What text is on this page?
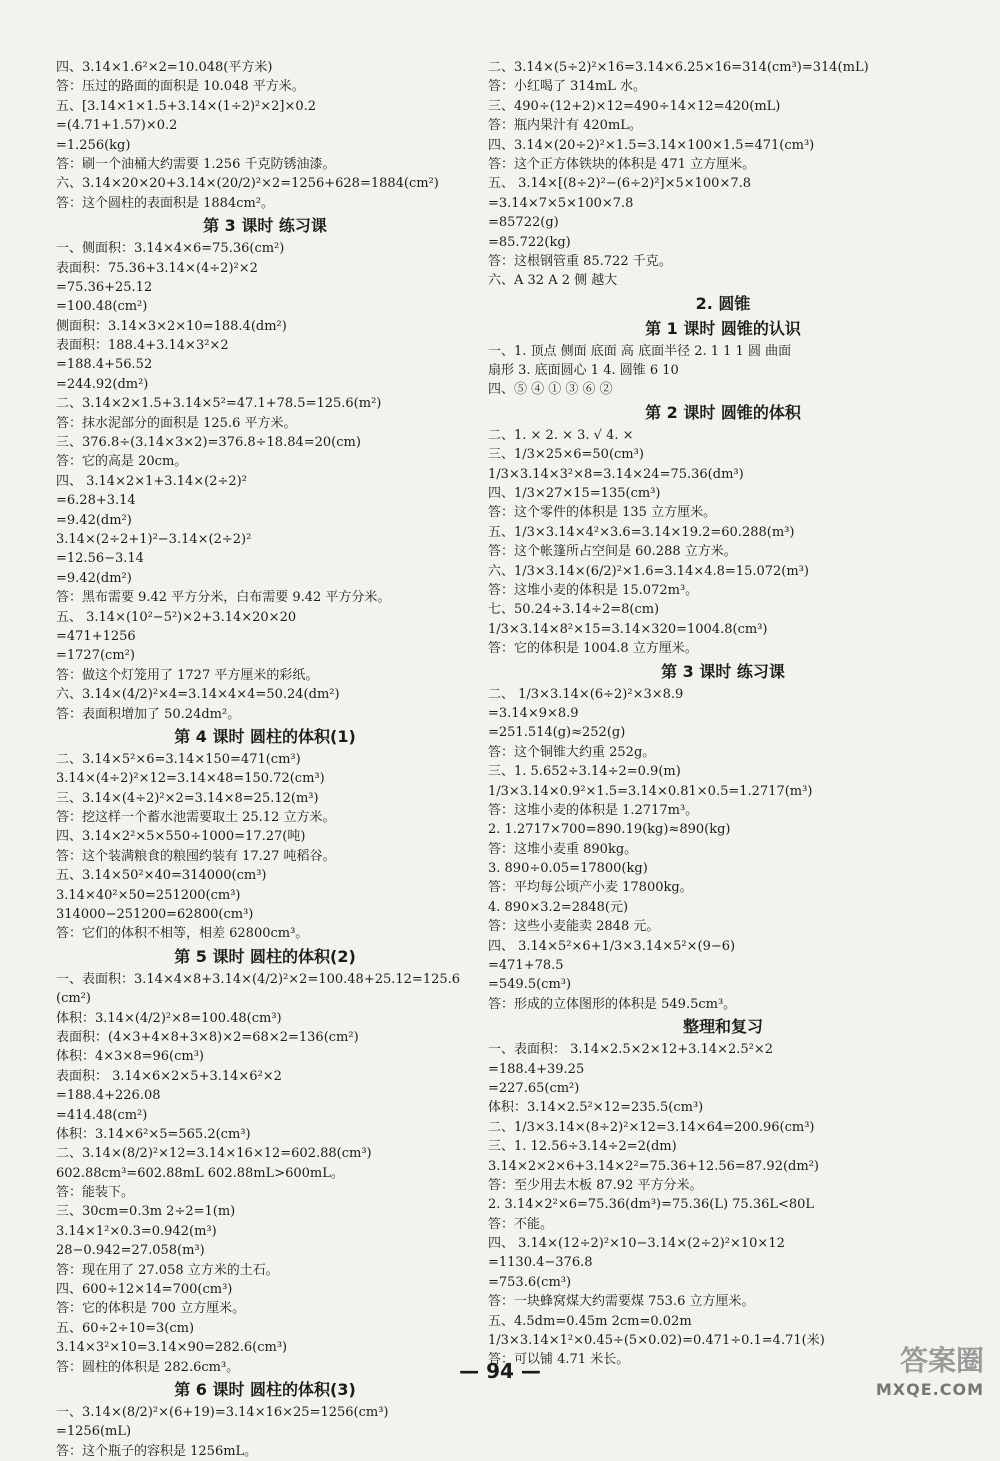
四、3.14×1.6²×2=10.048(平方米)
答：压过的路面的面积是 10.048 平方米。
五、[3.14×1×1.5+3.14×(1÷2)²×2]×0.2
=(4.71+1.57)×0.2
=1.256(kg)
答：刷一个油桶大约需要 1.256 千克防锈油漆。
六、3.14×20×20+3.14×(20/2)²×2=1256+628=1884(cm²)
答：这个圆柱的表面积是 1884cm²。
第 3 课时 练习课
一、侧面积：3.14×4×6=75.36(cm²)
表面积：75.36+3.14×(4÷2)²×2
=75.36+25.12
=100.48(cm²)
侧面积：3.14×3×2×10=188.4(dm²)
表面积：188.4+3.14×3²×2
=188.4+56.52
=244.92(dm²)
二、3.14×2×1.5+3.14×5²=47.1+78.5=125.6(m²)
答：抹水泥部分的面积是 125.6 平方米。
三、376.8÷(3.14×3×2)=376.8÷18.84=20(cm)
答：它的高是 20cm。
四、 3.14×2×1+3.14×(2÷2)²
=6.28+3.14
=9.42(dm²)
3.14×(2÷2+1)²−3.14×(2÷2)²
=12.56−3.14
=9.42(dm²)
答：黑布需要 9.42 平方分米，白布需要 9.42 平方分米。
五、 3.14×(10²−5²)×2+3.14×20×20
=471+1256
=1727(cm²)
答：做这个灯笼用了 1727 平方厘米的彩纸。
六、3.14×(4/2)²×4=3.14×4×4=50.24(dm²)
答：表面积增加了 50.24dm²。
第 4 课时 圆柱的体积(1)
二、3.14×5²×6=3.14×150=471(cm³)
3.14×(4÷2)²×12=3.14×48=150.72(cm³)
三、3.14×(4÷2)²×2=3.14×8=25.12(m³)
答：挖这样一个蓄水池需要取土 25.12 立方米。
四、3.14×2²×5×550÷1000=17.27(吨)
答：这个装满粮食的粮囤约装有 17.27 吨稻谷。
五、3.14×50²×40=314000(cm³)
3.14×40²×50=251200(cm³)
314000−251200=62800(cm³)
答：它们的体积不相等，相差 62800cm³。
第 5 课时 圆柱的体积(2)
一、表面积：3.14×4×8+3.14×(4/2)²×2=100.48+25.12=125.6
(cm²)
体积：3.14×(4/2)²×8=100.48(cm³)
表面积：(4×3+4×8+3×8)×2=68×2=136(cm²)
体积：4×3×8=96(cm³)
表面积： 3.14×6×2×5+3.14×6²×2
=188.4+226.08
=414.48(cm²)
体积：3.14×6²×5=565.2(cm³)
二、3.14×(8/2)²×12=3.14×16×12=602.88(cm³)
602.88cm³=602.88mL 602.88mL>600mL。
答：能装下。
三、30cm=0.3m 2÷2=1(m)
3.14×1²×0.3=0.942(m³)
28−0.942=27.058(m³)
答：现在用了 27.058 立方米的土石。
四、600÷12×14=700(cm³)
答：它的体积是 700 立方厘米。
五、60÷2÷10=3(cm)
3.14×3²×10=3.14×90=282.6(cm³)
答：圆柱的体积是 282.6cm³。
第 6 课时 圆柱的体积(3)
一、3.14×(8/2)²×(6+19)=3.14×16×25=1256(cm³)
=1256(mL)
答：这个瓶子的容积是 1256mL。
二、3.14×(5÷2)²×16=3.14×6.25×16=314(cm³)=314(mL)
答：小红喝了 314mL 水。
三、490÷(12+2)×12=490÷14×12=420(mL)
答：瓶内果汁有 420mL。
四、3.14×(20÷2)²×1.5=3.14×100×1.5=471(cm³)
答：这个正方体铁块的体积是 471 立方厘米。
五、 3.14×[(8÷2)²−(6÷2)²]×5×100×7.8
=3.14×7×5×100×7.8
=85722(g)
=85.722(kg)
答：这根钢管重 85.722 千克。
六、A 32 A 2 侧 越大
2. 圆锥
第 1 课时 圆锥的认识
一、1. 顶点 侧面 底面 高 底面半径 2. 1 1 1 圆 曲面
扇形 3. 底面圆心 1 4. 圆锥 6 10
四、⑤ ④ ① ③ ⑥ ②
第 2 课时 圆锥的体积
二、1. × 2. × 3. √ 4. ×
三、1/3×25×6=50(cm³)
1/3×3.14×3²×8=3.14×24=75.36(dm³)
四、1/3×27×15=135(cm³)
答：这个零件的体积是 135 立方厘米。
五、1/3×3.14×4²×3.6=3.14×19.2=60.288(m³)
答：这个帐篷所占空间是 60.288 立方米。
六、1/3×3.14×(6/2)²×1.6=3.14×4.8=15.072(m³)
答：这堆小麦的体积是 15.072m³。
七、50.24÷3.14÷2=8(cm)
1/3×3.14×8²×15=3.14×320=1004.8(cm³)
答：它的体积是 1004.8 立方厘米。
第 3 课时 练习课
二、 1/3×3.14×(6÷2)²×3×8.9
=3.14×9×8.9
=251.514(g)≈252(g)
答：这个铜锥大约重 252g。
三、1. 5.652÷3.14÷2=0.9(m)
1/3×3.14×0.9²×1.5=3.14×0.81×0.5=1.2717(m³)
答：这堆小麦的体积是 1.2717m³。
2. 1.2717×700=890.19(kg)≈890(kg)
答：这堆小麦重 890kg。
3. 890÷0.05=17800(kg)
答：平均每公顷产小麦 17800kg。
4. 890×3.2=2848(元)
答：这些小麦能卖 2848 元。
四、 3.14×5²×6+1/3×3.14×5²×(9−6)
=471+78.5
=549.5(cm³)
答：形成的立体图形的体积是 549.5cm³。
整理和复习
一、表面积： 3.14×2.5×2×12+3.14×2.5²×2
=188.4+39.25
=227.65(cm²)
体积：3.14×2.5²×12=235.5(cm³)
二、1/3×3.14×(8÷2)²×12=3.14×64=200.96(cm³)
三、1. 12.56÷3.14÷2=2(dm)
3.14×2×2×6+3.14×2²=75.36+12.56=87.92(dm²)
答：至少用去木板 87.92 平方分米。
2. 3.14×2²×6=75.36(dm³)=75.36(L) 75.36L<80L
答：不能。
四、 3.14×(12÷2)²×10−3.14×(2÷2)²×10×12
=1130.4−376.8
=753.6(cm³)
答：一块蜂窝煤大约需要煤 753.6 立方厘米。
五、4.5dm=0.45m 2cm=0.02m
1/3×3.14×1²×0.45÷(5×0.02)=0.471÷0.1=4.71(米)
答：可以铺 4.71 米长。
— 94 —	答案圈
MXQE.COM
